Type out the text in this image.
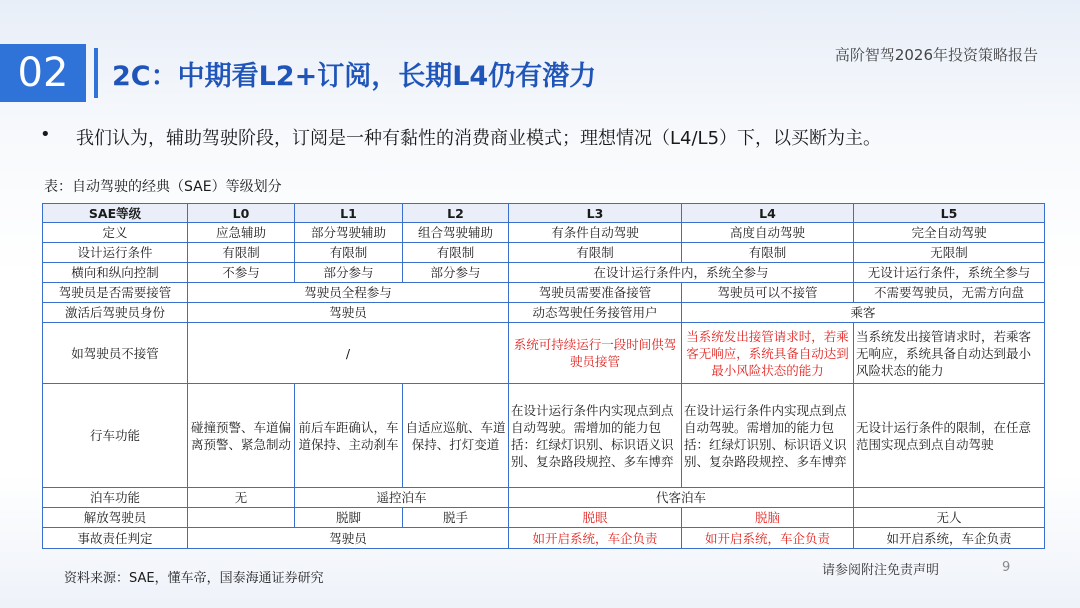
02	2C：中期看L2+订阅，长期L4仍有潜力
高阶智驾2026年投资策略报告
• 我们认为，辅助驾驶阶段，订阅是一种有黏性的消费商业模式；理想情况（L4/L5）下，以买断为主。
表：自动驾驶的经典（SAE）等级划分
SAE等级	L0	L1	L2	L3	L4	L5
定义	应急辅助	部分驾驶辅助	组合驾驶辅助	有条件自动驾驶	高度自动驾驶	完全自动驾驶
设计运行条件	有限制	有限制	有限制	有限制	有限制	无限制
横向和纵向控制	不参与	部分参与	部分参与	在设计运行条件内，系统全参与		无设计运行条件，系统全参与
驾驶员是否需要接管	驾驶员全程参与			驾驶员需要准备接管	驾驶员可以不接管	不需要驾驶员，无需方向盘
激活后驾驶员身份	驾驶员			动态驾驶任务接管用户	乘客	
如驾驶员不接管	/			系统可持续运行一段时间供驾驶员接管	当系统发出接管请求时，若乘客无响应，系统具备自动达到最小风险状态的能力	当系统发出接管请求时，若乘客无响应，系统具备自动达到最小风险状态的能力
行车功能	碰撞预警、车道偏离预警、紧急制动	前后车距确认，车道保持、主动刹车	自适应巡航、车道保持、打灯变道	在设计运行条件内实现点到点自动驾驶。需增加的能力包括：红绿灯识别、标识语义识别、复杂路段规控、多车博弈	在设计运行条件内实现点到点自动驾驶。需增加的能力包括：红绿灯识别、标识语义识别、复杂路段规控、多车博弈	无设计运行条件的限制，在任意范围实现点到点自动驾驶
泊车功能	无	遥控泊车		代客泊车		
解放驾驶员		脱脚	脱手	脱眼	脱脑	无人
事故责任判定	驾驶员			如开启系统，车企负责	如开启系统，车企负责	如开启系统，车企负责
资料来源：SAE，懂车帝，国泰海通证券研究
请参阅附注免责声明	9
